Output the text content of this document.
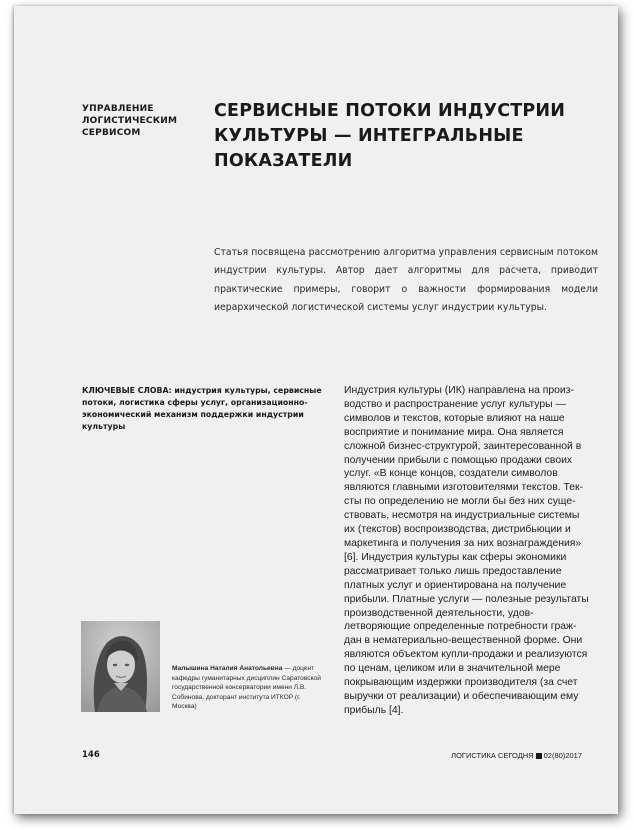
УПРАВЛЕНИЕ ЛОГИСТИЧЕСКИМ СЕРВИСОМ
СЕРВИСНЫЕ ПОТОКИ ИНДУСТРИИ КУЛЬТУРЫ — ИНТЕГРАЛЬНЫЕ ПОКАЗАТЕЛИ
Статья посвящена рассмотрению алгоритма управления сервисным потоком индустрии культуры. Автор дает алгоритмы для расчета, приводит практические примеры, говорит о важности формирования модели иерархической логистической системы услуг индустрии культуры.
КЛЮЧЕВЫЕ СЛОВА: индустрия культуры, сервисные потоки, логистика сферы услуг, организационно-экономический механизм поддержки индустрии культуры
Индустрия культуры (ИК) направлена на производство и распространение услуг культуры — символов и текстов, которые влияют на наше восприятие и понимание мира. Она является сложной бизнес-структурой, заинтересованной в получении прибыли с помощью продажи своих услуг. «В конце концов, создатели символов являются главными изготовителями текстов. Тексты по определению не могли бы без них существовать, несмотря на индустриальные системы их (текстов) воспроизводства, дистрибьюции и маркетинга и получения за них вознаграждения» [6]. Индустрия культуры как сферы экономики рассматривает только лишь предоставление платных услуг и ориентирована на получение прибыли. Платные услуги — полезные результаты производственной деятельности, удовлетворяющие определенные потребности граждан в нематериально-вещественной форме. Они являются объектом купли-продажи и реализуются по ценам, целиком или в значительной мере покрывающим издержки производителя (за счет выручки от реализации) и обеспечивающим ему прибыль [4].
Малышина Наталия Анатольевна — доцент кафедры гуманитарных дисциплин Саратовской государственной консерватории имени Л.В. Собинова, докторант института ИТКОР (г. Москва)
146	ЛОГИСТИКА СЕГОДНЯ 02(80)2017
